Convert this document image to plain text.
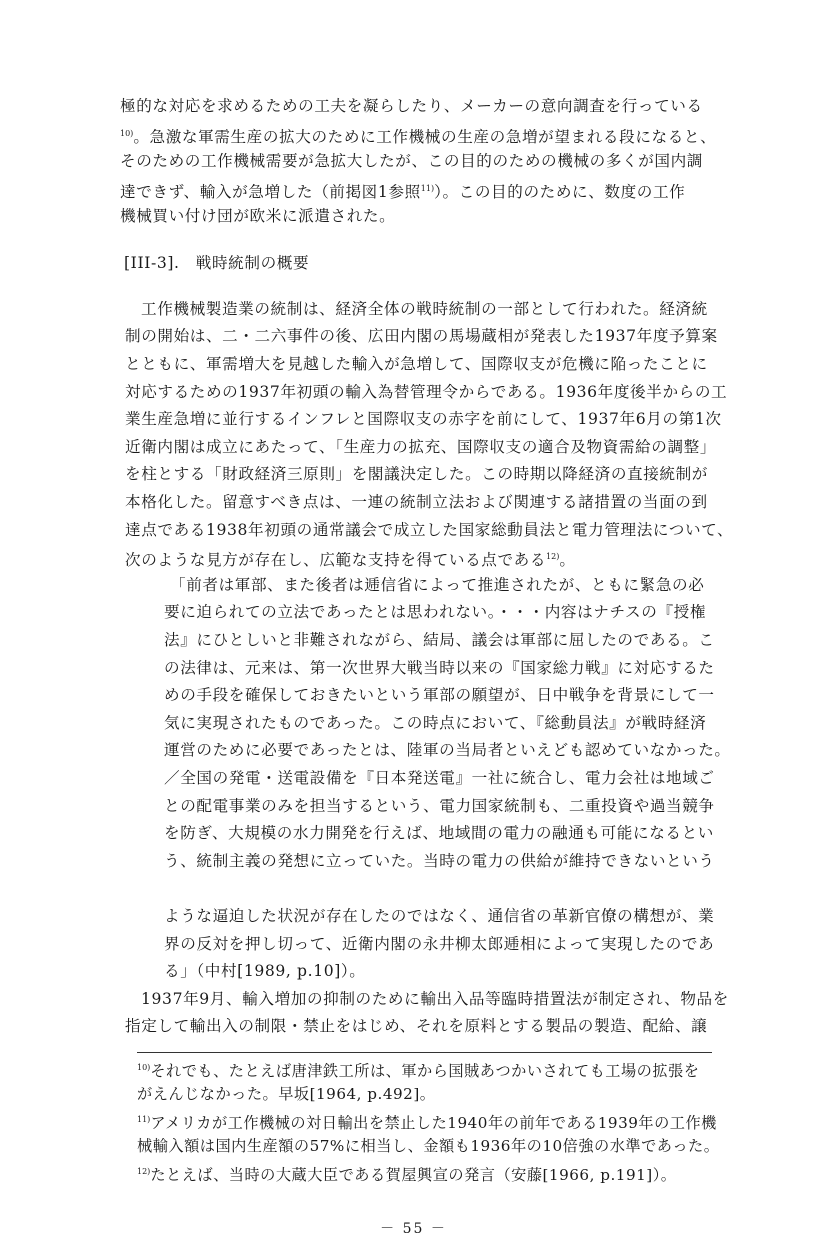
極的な対応を求めるための工夫を凝らしたり、メーカーの意向調査を行っている
$^{10)}$。急激な軍需生産の拡大のために工作機械の生産の急増が望まれる段になると、
そのための工作機械需要が急拡大したが、この目的のための機械の多くが国内調
達できず、輸入が急増した（前掲図1参照$^{11)}$）。この目的のために、数度の工作
機械買い付け団が欧米に派遣された。
[III-3].　戦時統制の概要
工作機械製造業の統制は、経済全体の戦時統制の一部として行われた。経済統
制の開始は、二・二六事件の後、広田内閣の馬場蔵相が発表した1937年度予算案
とともに、軍需増大を見越した輸入が急増して、国際収支が危機に陥ったことに
対応するための1937年初頭の輸入為替管理令からである。1936年度後半からの工
業生産急増に並行するインフレと国際収支の赤字を前にして、1937年6月の第1次
近衛内閣は成立にあたって、「生産力の拡充、国際収支の適合及物資需給の調整」
を柱とする「財政経済三原則」を閣議決定した。この時期以降経済の直接統制が
本格化した。留意すべき点は、一連の統制立法および関連する諸措置の当面の到
達点である1938年初頭の通常議会で成立した国家総動員法と電力管理法について、
次のような見方が存在し、広範な支持を得ている点である$^{12)}$。
「前者は軍部、また後者は逓信省によって推進されたが、ともに緊急の必
要に迫られての立法であったとは思われない。・・・内容はナチスの『授権
法』にひとしいと非難されながら、結局、議会は軍部に屈したのである。こ
の法律は、元来は、第一次世界大戦当時以来の『国家総力戦』に対応するた
めの手段を確保しておきたいという軍部の願望が、日中戦争を背景にして一
気に実現されたものであった。この時点において、『総動員法』が戦時経済
運営のために必要であったとは、陸軍の当局者といえども認めていなかった。
／全国の発電・送電設備を『日本発送電』一社に統合し、電力会社は地域ご
との配電事業のみを担当するという、電力国家統制も、二重投資や過当競争
を防ぎ、大規模の水力開発を行えば、地域間の電力の融通も可能になるとい
う、統制主義の発想に立っていた。当時の電力の供給が維持できないという
ような逼迫した状況が存在したのではなく、通信省の革新官僚の構想が、業
界の反対を押し切って、近衛内閣の永井柳太郎逓相によって実現したのであ
る」（中村[1989, p.10]）。
1937年9月、輸入増加の抑制のために輸出入品等臨時措置法が制定され、物品を
指定して輸出入の制限・禁止をはじめ、それを原料とする製品の製造、配給、譲
$^{10)}$それでも、たとえば唐津鉄工所は、軍から国賊あつかいされても工場の拡張を
がえんじなかった。早坂[1964, p.492]。
$^{11)}$アメリカが工作機械の対日輸出を禁止した1940年の前年である1939年の工作機
械輸入額は国内生産額の57%に相当し、金額も1936年の10倍強の水準であった。
$^{12)}$たとえば、当時の大蔵大臣である賀屋興宣の発言（安藤[1966, p.191]）。
－ 55 －
